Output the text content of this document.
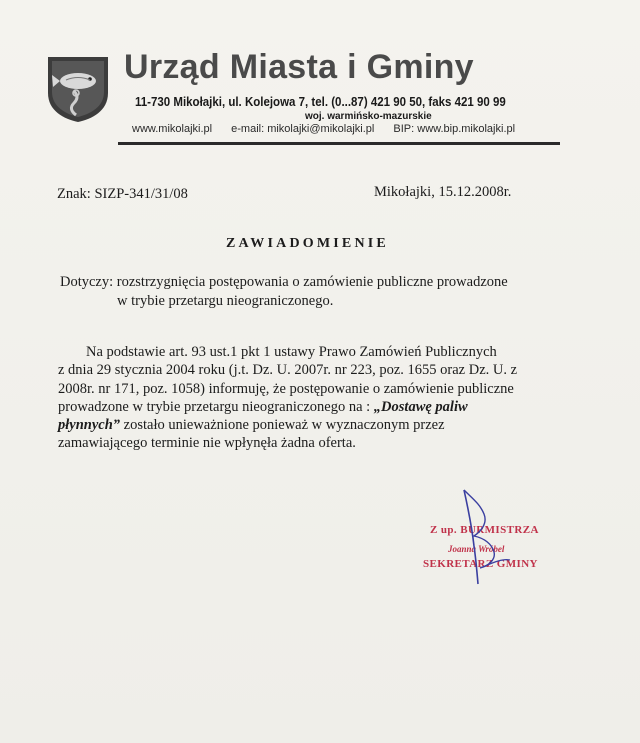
Urząd Miasta i Gminy
11-730 Mikołajki, ul. Kolejowa 7, tel. (0...87) 421 90 50, faks 421 90 99
woj. warmińsko-mazurskie
www.mikolajki.pl e-mail: mikolajki@mikolajki.pl BIP: www.bip.mikolajki.pl
Znak: SIZP-341/31/08	Mikołajki, 15.12.2008r.
ZAWIADOMIENIE
Dotyczy: rozstrzygnięcia postępowania o zamówienie publiczne prowadzone
w trybie przetargu nieograniczonego.
Na podstawie art. 93 ust.1 pkt 1 ustawy Prawo Zamówień Publicznych
z dnia 29 stycznia 2004 roku (j.t. Dz. U. 2007r. nr 223, poz. 1655 oraz Dz. U. z
2008r. nr 171, poz. 1058) informuję, że postępowanie o zamówienie publiczne
prowadzone w trybie przetargu nieograniczonego na : „Dostawę paliw
płynnych” zostało unieważnione ponieważ w wyznaczonym przez
zamawiającego terminie nie wpłynęła żadna oferta.
Z up. BURMISTRZA
Joanna Wróbel
SEKRETARZ GMINY
